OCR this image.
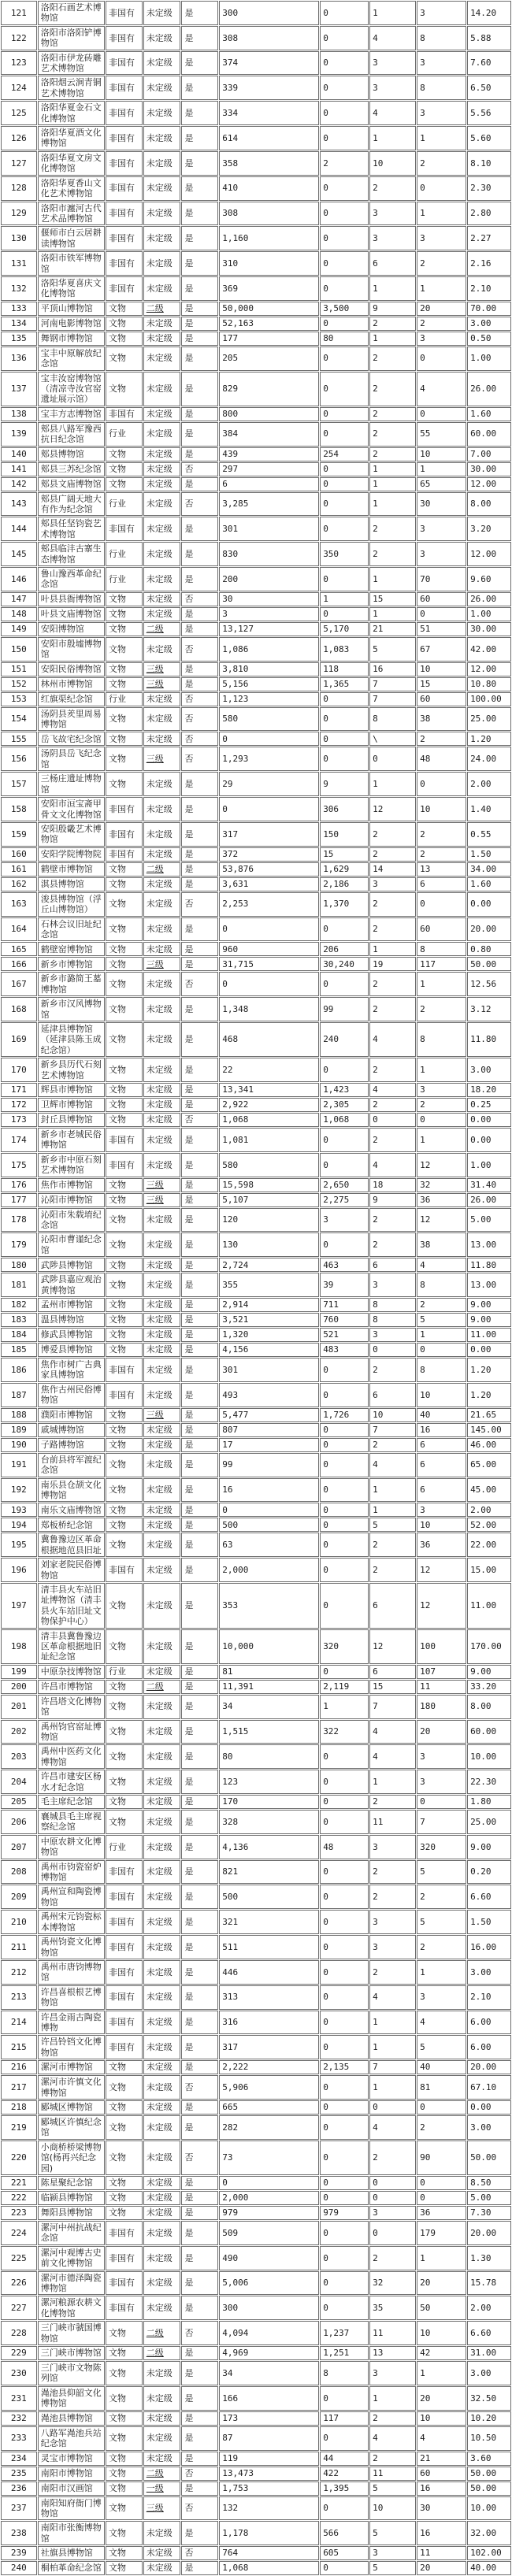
121	洛阳石画艺术博物馆	非国有	未定级	是	300	0	1	3	14.20
122	洛阳市洛阳铲博物馆	非国有	未定级	是	308	0	4	8	5.88
123	洛阳市伊龙砖雕艺术博物馆	非国有	未定级	是	374	0	3	3	7.60
124	洛阳烟云涧青铜艺术博物馆	非国有	未定级	是	339	0	3	8	6.50
125	洛阳华夏金石文化博物馆	非国有	未定级	是	334	0	4	3	5.56
126	洛阳华夏酒文化博物馆	非国有	未定级	是	614	0	1	1	5.60
127	洛阳华夏文房文化博物馆	非国有	未定级	是	358	2	10	2	8.10
128	洛阳华夏香山文化艺术博物馆	非国有	未定级	是	410	0	2	0	2.30
129	洛阳市瀍河古代艺术品博物馆	非国有	未定级	是	308	0	3	1	2.80
130	偃师市白云居耕读博物馆	非国有	未定级	是	1,160	0	3	3	2.27
131	洛阳市铁军博物馆	非国有	未定级	是	310	0	6	2	2.16
132	洛阳华夏喜庆文化博物馆	非国有	未定级	是	369	0	1	1	2.10
133	平顶山博物馆	文物	二级	是	50,000	3,500	9	20	70.00
134	河南电影博物馆	文物	未定级	是	52,163	0	2	2	3.00
135	舞钢市博物馆	文物	未定级	是	177	80	1	3	0.50
136	宝丰中原解放纪念馆	文物	未定级	是	205	0	2	0	1.00
137	宝丰汝窑博物馆（清凉寺汝官窑遗址展示馆）	文物	未定级	是	829	0	2	4	26.00
138	宝丰方志博物馆	非国有	未定级	是	800	0	2	0	1.60
139	郏县八路军豫西抗日纪念馆	行业	未定级	是	384	0	2	55	60.00
140	郏县博物馆	文物	未定级	是	439	254	2	10	7.00
141	郏县三苏纪念馆	文物	未定级	否	297	0	1	1	30.00
142	郏县文庙博物馆	文物	未定级	是	6	0	1	65	12.00
143	郏县广阔天地大有作为纪念馆	行业	未定级	否	3,285	0	1	30	8.00
144	郏县任坚钧瓷艺术博物馆	非国有	未定级	是	301	0	2	3	3.20
145	郏县临沣古寨生态博物馆	行业	未定级	是	830	350	2	3	12.00
146	鲁山豫西革命纪念馆	行业	未定级	是	200	0	1	70	9.60
147	叶县县衙博物馆	文物	未定级	否	30	1	15	60	26.00
148	叶县文庙博物馆	文物	未定级	是	3	0	1	0	1.00
149	安阳博物馆	文物	二级	是	13,127	5,170	21	51	30.00
150	安阳市殷墟博物馆	文物	未定级	否	1,086	1,083	5	67	42.00
151	安阳民俗博物馆	文物	三级	是	3,810	118	16	10	12.00
152	林州市博物馆	文物	三级	是	5,156	1,365	7	15	10.80
153	红旗渠纪念馆	行业	未定级	否	1,123	0	7	60	100.00
154	汤阴县羑里周易博物馆	文物	未定级	否	580	0	8	38	25.00
155	岳飞故宅纪念馆	文物	未定级	否	0	0	\	2	1.20
156	汤阴县岳飞纪念馆	文物	三级	否	1,293	0	0	48	24.00
157	三杨庄遗址博物馆	文物	未定级	是	29	9	1	0	2.00
158	安阳市洹宝斋甲骨文文化博物馆	非国有	未定级	是	0	306	12	10	1.40
159	安阳殷畿艺术博物馆	非国有	未定级	是	317	150	2	2	0.55
160	安阳学院博物院	非国有	未定级	是	372	15	2	2	1.50
161	鹤壁市博物馆	文物	二级	是	53,876	1,629	14	13	34.00
162	淇县博物馆	文物	未定级	是	3,631	2,186	3	6	1.60
163	浚县博物馆（浮丘山博物馆）	文物	未定级	否	2,253	1,370	2	0	0.00
164	石林会议旧址纪念馆	文物	未定级	是	0	0	2	60	20.00
165	鹤壁窑博物馆	文物	未定级	是	960	206	1	8	0.80
166	新乡市博物馆	文物	三级	是	31,715	30,240	19	117	50.00
167	新乡市潞简王墓博物馆	文物	未定级	否	0	0	2	1	12.56
168	新乡市汉风博物馆	文物	未定级	是	1,348	99	2	2	3.12
169	延津县博物馆（延津县陈玉成纪念馆）	文物	未定级	是	468	240	4	8	11.80
170	新乡县历代石刻艺术博物馆	文物	未定级	是	22	0	2	1	3.00
171	辉县市博物馆	文物	未定级	是	13,341	1,423	4	3	18.20
172	卫辉市博物馆	文物	未定级	是	2,922	2,305	2	2	0.25
173	封丘县博物馆	文物	未定级	否	1,068	1,068	0	0	0.00
174	新乡市老城民俗博物馆	非国有	未定级	是	1,081	0	2	1	0.00
175	新乡市中原石刻艺术博物馆	非国有	未定级	是	580	0	4	12	1.00
176	焦作市博物馆	文物	三级	是	15,598	2,650	18	32	31.40
177	沁阳市博物馆	文物	三级	是	5,107	2,275	9	36	26.00
178	沁阳市朱载堉纪念馆	文物	未定级	是	120	3	2	12	5.00
179	沁阳市曹谨纪念馆	文物	未定级	是	130	0	2	38	13.00
180	武陟县博物馆	文物	未定级	是	2,724	463	6	4	11.80
181	武陟县嘉应观治黄博物馆	文物	未定级	是	355	39	3	8	13.00
182	孟州市博物馆	文物	未定级	是	2,914	711	8	2	9.00
183	温县博物馆	文物	未定级	是	3,521	760	8	5	9.00
184	修武县博物馆	文物	未定级	是	1,320	521	3	1	11.00
185	博爱县博物馆	文物	未定级	是	4,156	483	0	0	0.00
186	焦作市树广古典家具博物馆	非国有	未定级	是	301	0	2	8	1.20
187	焦作古州民俗博物馆	非国有	未定级	是	493	0	6	10	1.20
188	濮阳市博物馆	文物	三级	是	5,477	1,726	10	40	21.65
189	戚城博物馆	文物	未定级	是	807	0	7	16	145.00
190	子路博物馆	文物	未定级	是	17	0	2	6	46.00
191	台前县将军渡纪念馆	文物	未定级	是	99	0	4	6	65.00
192	南乐县仓颉文化博物馆	文物	未定级	是	16	0	1	6	45.00
193	南乐文庙博物馆	文物	未定级	是	0	0	1	3	2.00
194	郑板桥纪念馆	文物	未定级	是	500	0	5	10	52.00
195	冀鲁豫边区革命根据地范县旧址	文物	未定级	是	63	0	2	36	22.00
196	刘家老院民俗博物馆	非国有	未定级	是	2,000	0	2	12	15.00
197	清丰县火车站旧址博物馆（清丰县火车站旧址文物保护中心）	文物	未定级	是	353	0	6	12	11.00
198	清丰县冀鲁豫边区革命根据地旧址纪念馆	文物	未定级	是	10,000	320	12	100	170.00
199	中原杂技博物馆	行业	未定级	是	81	0	6	107	9.00
200	许昌市博物馆	文物	二级	是	11,391	2,119	15	11	33.20
201	许昌塔文化博物馆	文物	未定级	是	34	1	7	180	8.00
202	禹州钧官窑址博物馆	文物	未定级	是	1,515	322	4	20	60.00
203	禹州中医药文化博物馆	文物	未定级	是	80	0	4	3	10.00
204	许昌市建安区杨水才纪念馆	文物	未定级	是	123	0	1	3	22.30
205	毛主席纪念馆	文物	未定级	是	170	0	2	0	1.80
206	襄城县毛主席视察纪念馆	文物	未定级	是	328	0	11	7	25.00
207	中原农耕文化博物馆	行业	未定级	是	4,136	48	3	320	9.00
208	禹州市钧瓷窑炉博物馆	非国有	未定级	是	821	0	2	5	0.20
209	禹州宣和陶瓷博物馆	非国有	未定级	是	500	0	2	2	6.60
210	禹州宋元钧瓷标本博物馆	非国有	未定级	是	321	0	3	5	1.50
211	禹州钧瓷文化博物馆	非国有	未定级	是	511	0	3	2	16.00
212	禹州市唐钧博物馆	非国有	未定级	是	446	0	2	1	3.00
213	许昌喜根根艺博物馆	非国有	未定级	是	313	0	4	3	2.10
214	许昌金雨古陶瓷博物	非国有	未定级	是	316	0	1	4	6.00
215	许昌铃铛文化博物馆	非国有	未定级	是	317	0	1	5	6.00
216	漯河市博物馆	文物	未定级	是	2,222	2,135	7	40	20.00
217	漯河市许慎文化博物馆	文物	未定级	否	5,906	0	1	81	67.10
218	郾城区博物馆	文物	未定级	是	665	0	0	0	0.00
219	郾城区许慎纪念馆	文物	未定级	是	282	0	4	2	3.00
220	小商桥桥梁博物馆(杨再兴纪念园)	文物	未定级	否	73	0	2	90	50.00
221	陈星聚纪念馆	文物	未定级	是	0	0	0	0	8.50
222	临颍县博物馆	文物	未定级	是	2,000	0	0	0	5.00
223	舞阳县博物馆	文物	未定级	是	979	979	3	36	7.30
224	漯河中州抗战纪念馆	非国有	未定级	是	509	0	0	179	20.00
225	漯河中观博古史前文化博物馆	非国有	未定级	是	490	0	2	1	1.30
226	漯河市德泽陶瓷博物馆	非国有	未定级	是	5,006	0	32	20	15.78
227	漯河粮源农耕文化博物馆	非国有	未定级	是	300	0	35	50	2.00
228	三门峡市虢国博物馆	文物	二级	否	4,094	1,237	11	10	6.60
229	三门峡市博物馆	文物	二级	是	4,969	1,251	13	42	31.00
230	三门峡市文物陈列馆	文物	未定级	是	34	8	3	1	3.00
231	渑池县仰韶文化博物馆	文物	未定级	是	166	0	1	20	32.50
232	渑池县博物馆	文物	未定级	是	173	117	2	10	10.20
233	八路军渑池兵站纪念馆	文物	未定级	是	87	0	4	4	10.50
234	灵宝市博物馆	文物	未定级	是	119	44	2	21	3.60
235	南阳市博物馆	文物	二级	否	13,473	422	11	60	50.00
236	南阳市汉画馆	文物	一级	是	1,753	1,395	5	16	50.00
237	南阳知府衙门博物馆	文物	三级	否	132	0	10	30	10.00
238	南阳市张衡博物馆	文物	未定级	是	1,178	566	5	16	32.00
239	社旗县博物馆	文物	未定级	否	764	605	3	11	102.00
240	桐柏革命纪念馆	文物	未定级	是	1,068	0	5	20	40.00
